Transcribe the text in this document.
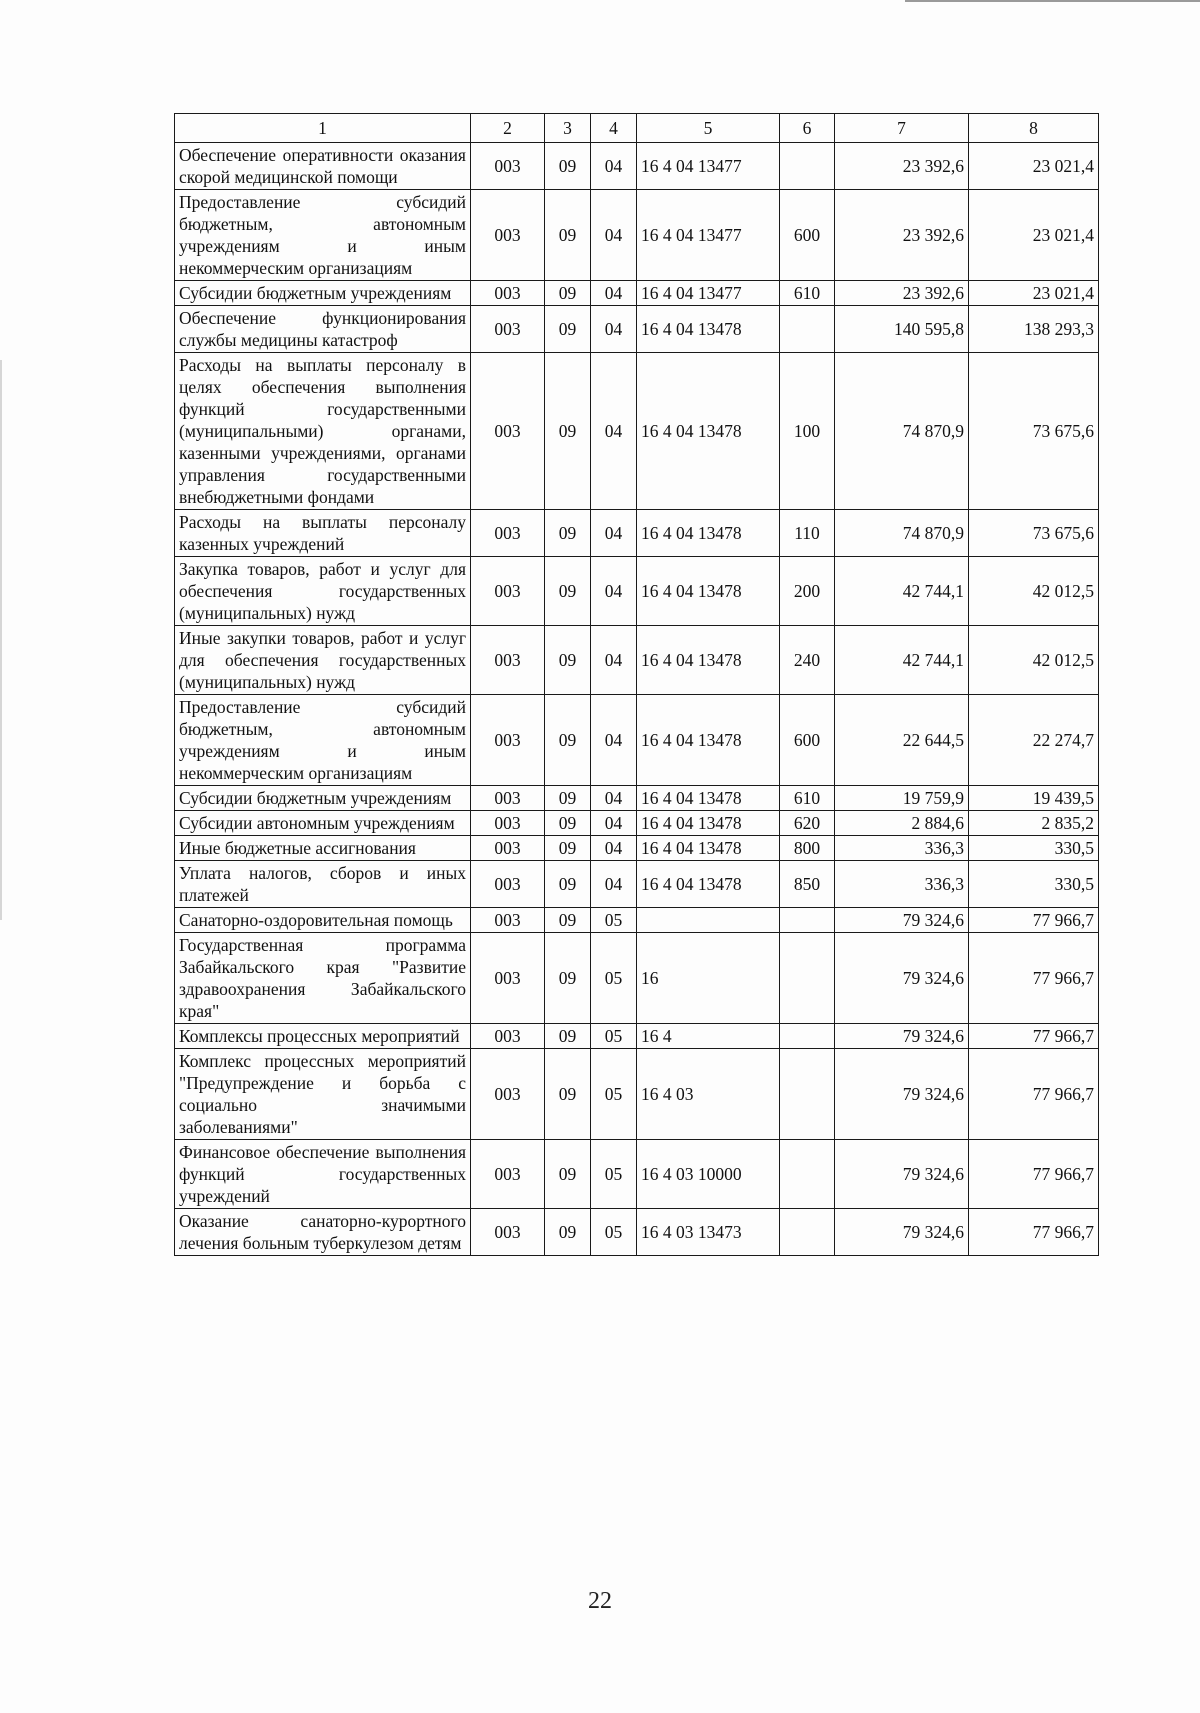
1	2	3	4	5	6	7	8
Обеспечение оперативности оказания скорой медицинской помощи	003	09	04	16 4 04 13477		23 392,6	23 021,4
Предоставление субсидий бюджетным, автономным учреждениям и иным некоммерческим организациям	003	09	04	16 4 04 13477	600	23 392,6	23 021,4
Субсидии бюджетным учреждениям	003	09	04	16 4 04 13477	610	23 392,6	23 021,4
Обеспечение функционирования службы медицины катастроф	003	09	04	16 4 04 13478		140 595,8	138 293,3
Расходы на выплаты персоналу в целях обеспечения выполнения функций государственными (муниципальными) органами, казенными учреждениями, органами управления государственными внебюджетными фондами	003	09	04	16 4 04 13478	100	74 870,9	73 675,6
Расходы на выплаты персоналу казенных учреждений	003	09	04	16 4 04 13478	110	74 870,9	73 675,6
Закупка товаров, работ и услуг для обеспечения государственных (муниципальных) нужд	003	09	04	16 4 04 13478	200	42 744,1	42 012,5
Иные закупки товаров, работ и услуг для обеспечения государственных (муниципальных) нужд	003	09	04	16 4 04 13478	240	42 744,1	42 012,5
Предоставление субсидий бюджетным, автономным учреждениям и иным некоммерческим организациям	003	09	04	16 4 04 13478	600	22 644,5	22 274,7
Субсидии бюджетным учреждениям	003	09	04	16 4 04 13478	610	19 759,9	19 439,5
Субсидии автономным учреждениям	003	09	04	16 4 04 13478	620	2 884,6	2 835,2
Иные бюджетные ассигнования	003	09	04	16 4 04 13478	800	336,3	330,5
Уплата налогов, сборов и иных платежей	003	09	04	16 4 04 13478	850	336,3	330,5
Санаторно-оздоровительная помощь	003	09	05			79 324,6	77 966,7
Государственная программа Забайкальского края "Развитие здравоохранения Забайкальского края"	003	09	05	16		79 324,6	77 966,7
Комплексы процессных мероприятий	003	09	05	16 4		79 324,6	77 966,7
Комплекс процессных мероприятий "Предупреждение и борьба с социально значимыми заболеваниями"	003	09	05	16 4 03		79 324,6	77 966,7
Финансовое обеспечение выполнения функций государственных учреждений	003	09	05	16 4 03 10000		79 324,6	77 966,7
Оказание санаторно-курортного лечения больным туберкулезом детям	003	09	05	16 4 03 13473		79 324,6	77 966,7
22
